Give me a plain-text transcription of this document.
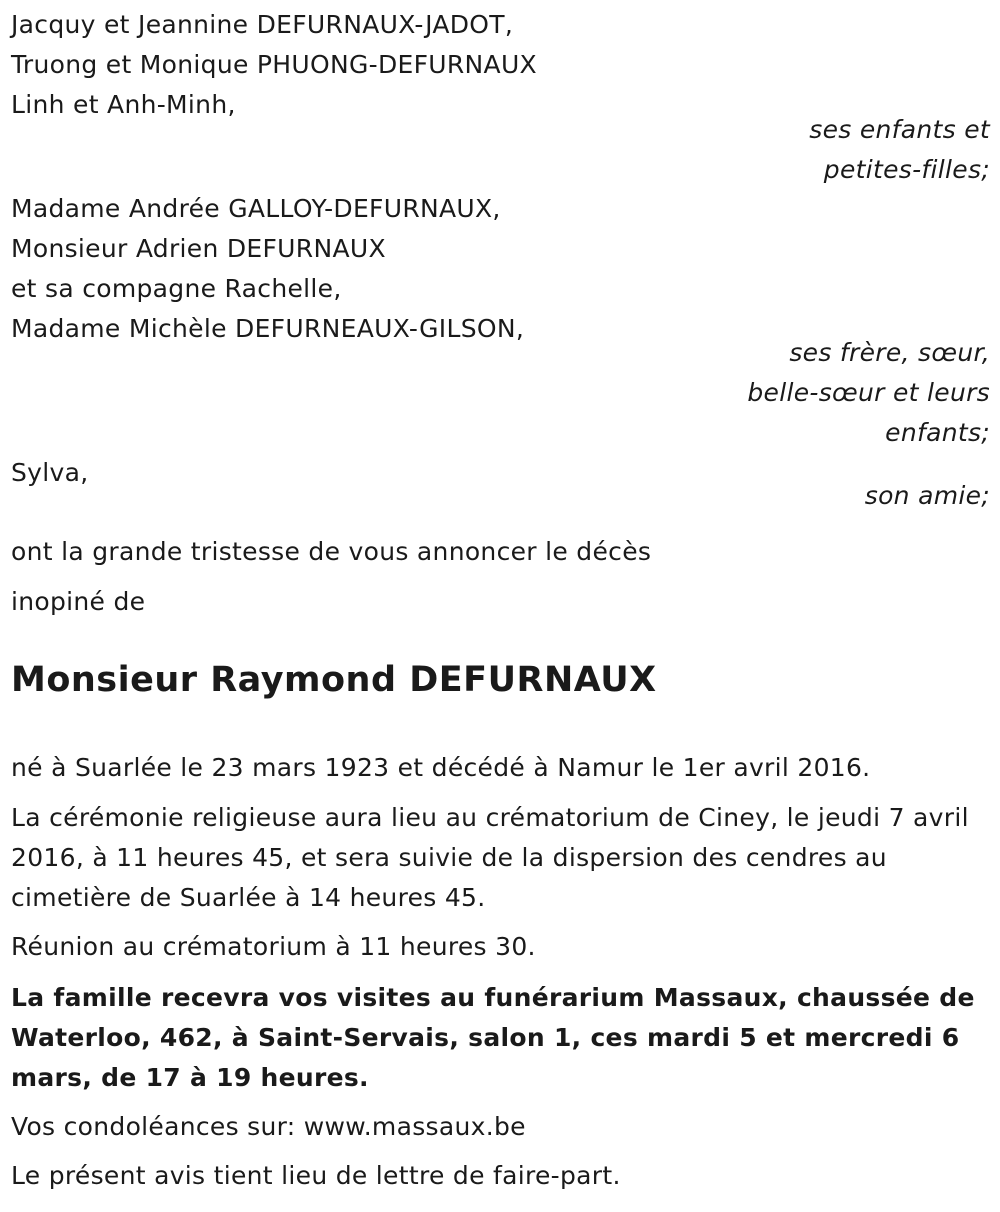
Jacquy et Jeannine DEFURNAUX-JADOT,
Truong et Monique PHUONG-DEFURNAUX
Linh et Anh-Minh,
ses enfants et
petites-filles;
Madame Andrée GALLOY-DEFURNAUX,
Monsieur Adrien DEFURNAUX
et sa compagne Rachelle,
Madame Michèle DEFURNEAUX-GILSON,
ses frère, sœur,
belle-sœur et leurs
enfants;
Sylva,
son amie;
ont la grande tristesse de vous annoncer le décès
inopiné de
Monsieur Raymond DEFURNAUX
né à Suarlée le 23 mars 1923 et décédé à Namur le 1er avril 2016.
La cérémonie religieuse aura lieu au crématorium de Ciney, le jeudi 7 avril 2016, à 11 heures 45, et sera suivie de la dispersion des cendres au cimetière de Suarlée à 14 heures 45.
Réunion au crématorium à 11 heures 30.
La famille recevra vos visites au funérarium Massaux, chaussée de Waterloo, 462, à Saint-Servais, salon 1, ces mardi 5 et mercredi 6 mars, de 17 à 19 heures.
Vos condoléances sur: www.massaux.be
Le présent avis tient lieu de lettre de faire-part.
